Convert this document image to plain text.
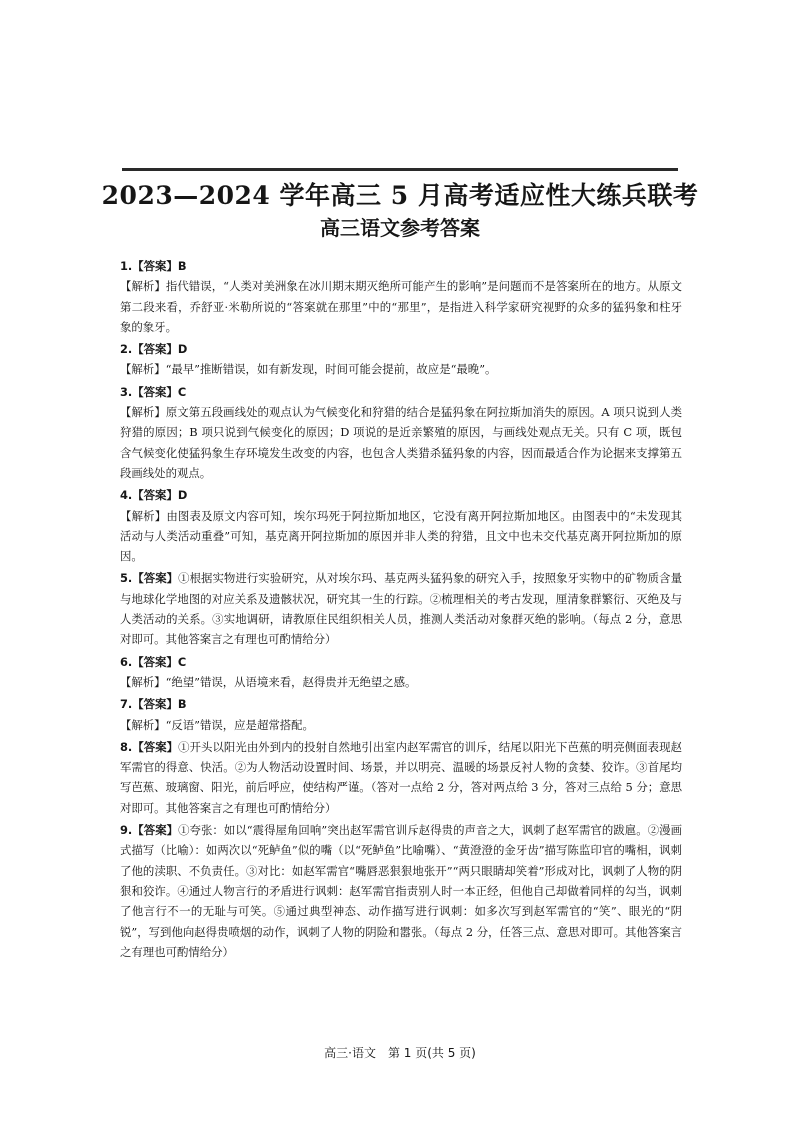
2023—2024 学年高三 5 月高考适应性大练兵联考
高三语文参考答案

1.【答案】B

【解析】指代错误，“人类对美洲象在冰川期末期灭绝所可能产生的影响”是问题而不是答案所在的地方。从原文第二段来看，乔舒亚·米勒所说的“答案就在那里”中的“那里”，是指进入科学家研究视野的众多的猛犸象和柱牙象的象牙。

2.【答案】D

【解析】“最早”推断错误，如有新发现，时间可能会提前，故应是“最晚”。

3.【答案】C

【解析】原文第五段画线处的观点认为气候变化和狩猎的结合是猛犸象在阿拉斯加消失的原因。A 项只说到人类狩猎的原因；B 项只说到气候变化的原因；D 项说的是近亲繁殖的原因，与画线处观点无关。只有 C 项，既包含气候变化使猛犸象生存环境发生改变的内容，也包含人类猎杀猛犸象的内容，因而最适合作为论据来支撑第五段画线处的观点。

4.【答案】D

【解析】由图表及原文内容可知，埃尔玛死于阿拉斯加地区，它没有离开阿拉斯加地区。由图表中的“未发现其活动与人类活动重叠”可知，基克离开阿拉斯加的原因并非人类的狩猎，且文中也未交代基克离开阿拉斯加的原因。

5.【答案】①根据实物进行实验研究，从对埃尔玛、基克两头猛犸象的研究入手，按照象牙实物中的矿物质含量与地球化学地图的对应关系及遗骸状况，研究其一生的行踪。②梳理相关的考古发现，厘清象群繁衍、灭绝及与人类活动的关系。③实地调研，请教原住民组织相关人员，推测人类活动对象群灭绝的影响。（每点 2 分，意思对即可。其他答案言之有理也可酌情给分）

6.【答案】C

【解析】“绝望”错误，从语境来看，赵得贵并无绝望之感。

7.【答案】B

【解析】“反语”错误，应是超常搭配。

8.【答案】①开头以阳光由外到内的投射自然地引出室内赵军需官的训斥，结尾以阳光下芭蕉的明亮侧面表现赵军需官的得意、快活。②为人物活动设置时间、场景，并以明亮、温暖的场景反衬人物的贪婪、狡诈。③首尾均写芭蕉、玻璃窗、阳光，前后呼应，使结构严谨。（答对一点给 2 分，答对两点给 3 分，答对三点给 5 分；意思对即可。其他答案言之有理也可酌情给分）

9.【答案】①夸张：如以“震得屋角回响”突出赵军需官训斥赵得贵的声音之大，讽刺了赵军需官的跋扈。②漫画式描写（比喻）：如两次以“死鲈鱼”似的嘴（以“死鲈鱼”比喻嘴）、“黄澄澄的金牙齿”描写陈监印官的嘴相，讽刺了他的渎职、不负责任。③对比：如赵军需官“嘴唇恶狠狠地张开”“两只眼睛却笑着”形成对比，讽刺了人物的阴狠和狡诈。④通过人物言行的矛盾进行讽刺：赵军需官指责别人时一本正经，但他自己却做着同样的勾当，讽刺了他言行不一的无耻与可笑。⑤通过典型神态、动作描写进行讽刺：如多次写到赵军需官的“笑”、眼光的“阴锐”，写到他向赵得贵喷烟的动作，讽刺了人物的阴险和嚣张。（每点 2 分，任答三点、意思对即可。其他答案言之有理也可酌情给分）

高三·语文　第 1 页(共 5 页)
